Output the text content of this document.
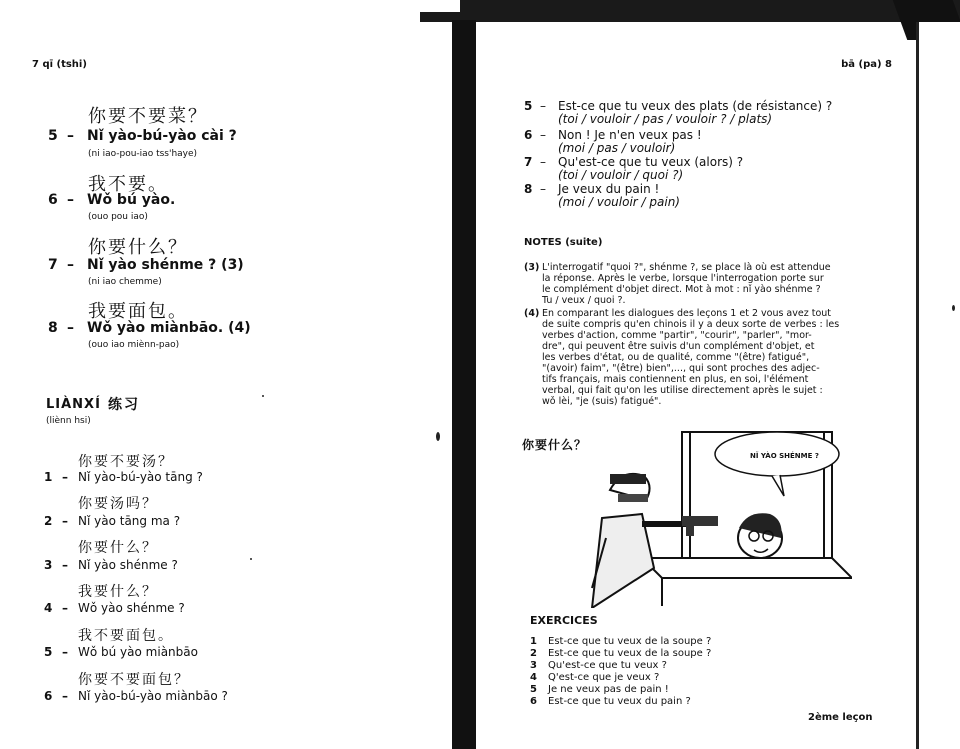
7 qī (tshi)
你要不要菜？
5 – Nǐ yào-bú-yào cài ?
(ni iao-pou-iao tss'haye)
我不要。
6 – Wǒ bú yào.
(ouo pou iao)
你要什么？
7 – Nǐ yào shénme ? (3)
(ni iao chemme)
我要面包。
8 – Wǒ yào miànbāo. (4)
(ouo iao miènn-pao)
LIÀNXÍ 练习
(liènn hsi)
你要不要汤？
1 – Nǐ yào-bú-yào tāng ?
你要汤吗？
2 – Nǐ yào tāng ma ?
你要什么？
3 – Nǐ yào shénme ?
我要什么？
4 – Wǒ yào shénme ?
我不要面包。
5 – Wǒ bú yào miànbāo
你要不要面包？
6 – Nǐ yào-bú-yào miànbāo ?
bā (pa) 8
5 – Est-ce que tu veux des plats (de résistance) ?
(toi / vouloir / pas / vouloir ? / plats)
6 – Non ! Je n'en veux pas !
(moi / pas / vouloir)
7 – Qu'est-ce que tu veux (alors) ?
(toi / vouloir / quoi ?)
8 – Je veux du pain !
(moi / vouloir / pain)
NOTES (suite)
(3) L'interrogatif "quoi ?", shénme ?, se place là où est attendue
la réponse. Après le verbe, lorsque l'interrogation porte sur
le complément d'objet direct. Mot à mot : nǐ yào shénme ?
Tu / veux / quoi ?.
(4) En comparant les dialogues des leçons 1 et 2 vous avez tout
de suite compris qu'en chinois il y a deux sorte de verbes : les
verbes d'action, comme "partir", "courir", "parler", "mor-
dre", qui peuvent être suivis d'un complément d'objet, et
les verbes d'état, ou de qualité, comme "(être) fatigué",
"(avoir) faim", "(être) bien",..., qui sont proches des adjec-
tifs français, mais contiennent en plus, en soi, l'élément
verbal, qui fait qu'on les utilise directement après le sujet :
wǒ lèi, "je (suis) fatigué".
你要什么？
NǏ YÀO SHÉNME ?
EXERCICES
1 Est-ce que tu veux de la soupe ?
2 Est-ce que tu veux de la soupe ?
3 Qu'est-ce que tu veux ?
4 Q'est-ce que je veux ?
5 Je ne veux pas de pain !
6 Est-ce que tu veux du pain ?
2ème leçon
